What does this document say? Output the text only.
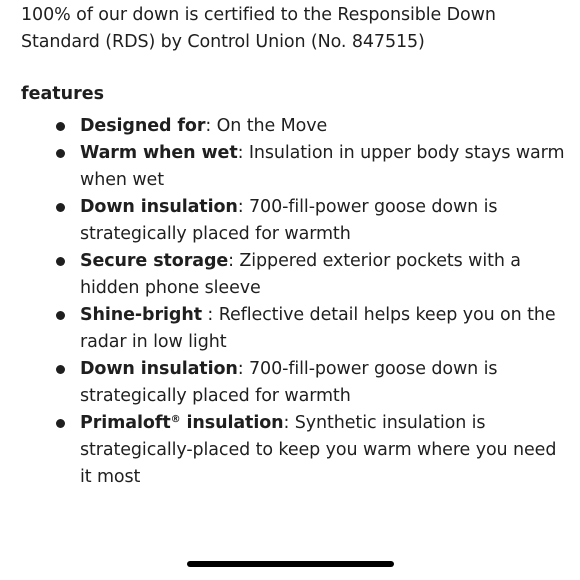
100% of our down is certified to the Responsible Down Standard (RDS) by Control Union (No. 847515)

features
Designed for: On the Move
Warm when wet: Insulation in upper body stays warm when wet
Down insulation: 700-fill-power goose down is strategically placed for warmth
Secure storage: Zippered exterior pockets with a hidden phone sleeve
Shine-bright : Reflective detail helps keep you on the radar in low light
Down insulation: 700-fill-power goose down is strategically placed for warmth
Primaloft® insulation: Synthetic insulation is strategically-placed to keep you warm where you need it most
